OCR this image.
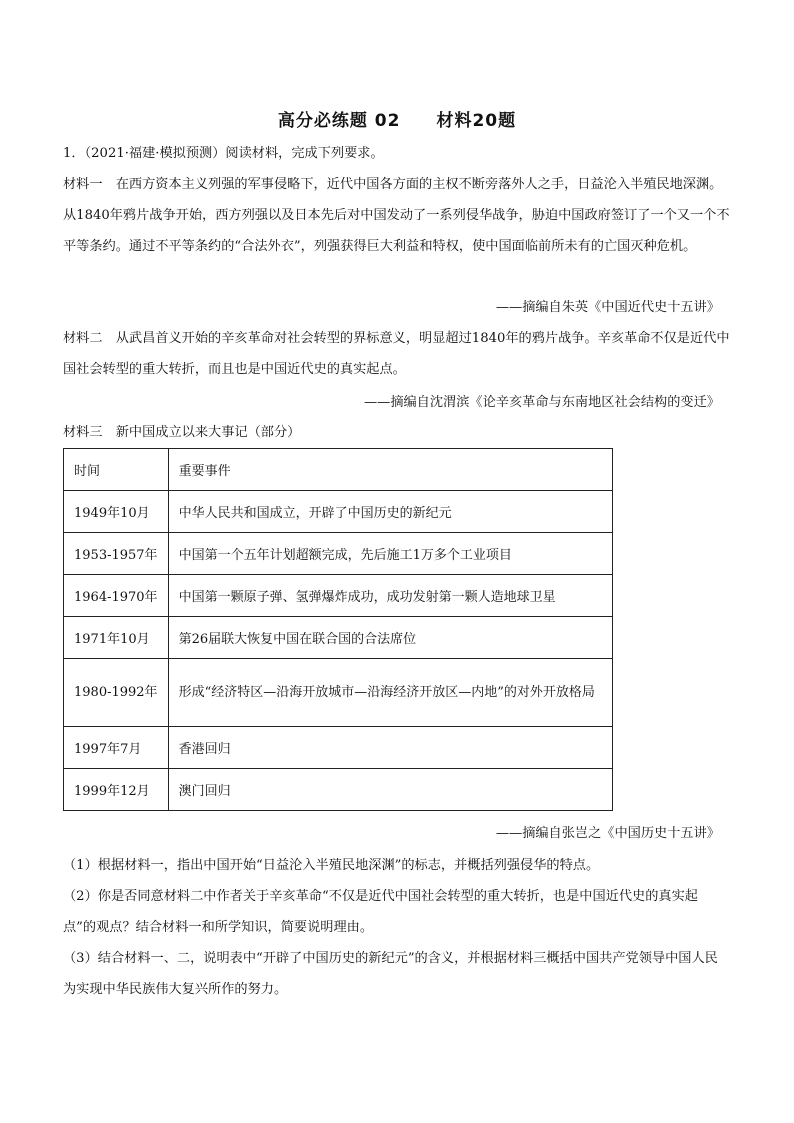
高分必练题 02 材料20题
1．（2021·福建·模拟预测）阅读材料，完成下列要求。
材料一　在西方资本主义列强的军事侵略下，近代中国各方面的主权不断旁落外人之手，日益沦入半殖民地深渊。从1840年鸦片战争开始，西方列强以及日本先后对中国发动了一系列侵华战争，胁迫中国政府签订了一个又一个不平等条约。通过不平等条约的“合法外衣”，列强获得巨大利益和特权，使中国面临前所未有的亡国灭种危机。
——摘编自朱英《中国近代史十五讲》
材料二　从武昌首义开始的辛亥革命对社会转型的界标意义，明显超过1840年的鸦片战争。辛亥革命不仅是近代中国社会转型的重大转折，而且也是中国近代史的真实起点。
——摘编自沈渭滨《论辛亥革命与东南地区社会结构的变迁》
材料三　新中国成立以来大事记（部分）
时间	重要事件
1949年10月	中华人民共和国成立，开辟了中国历史的新纪元
1953-1957年	中国第一个五年计划超额完成，先后施工1万多个工业项目
1964-1970年	中国第一颗原子弹、氢弹爆炸成功，成功发射第一颗人造地球卫星
1971年10月	第26届联大恢复中国在联合国的合法席位
1980-1992年	形成“经济特区—沿海开放城市—沿海经济开放区—内地”的对外开放格局
1997年7月	香港回归
1999年12月	澳门回归
——摘编自张岂之《中国历史十五讲》
（1）根据材料一，指出中国开始“日益沦入半殖民地深渊”的标志，并概括列强侵华的特点。
（2）你是否同意材料二中作者关于辛亥革命“不仅是近代中国社会转型的重大转折，也是中国近代史的真实起点”的观点？结合材料一和所学知识，简要说明理由。
（3）结合材料一、二，说明表中“开辟了中国历史的新纪元”的含义，并根据材料三概括中国共产党领导中国人民为实现中华民族伟大复兴所作的努力。
